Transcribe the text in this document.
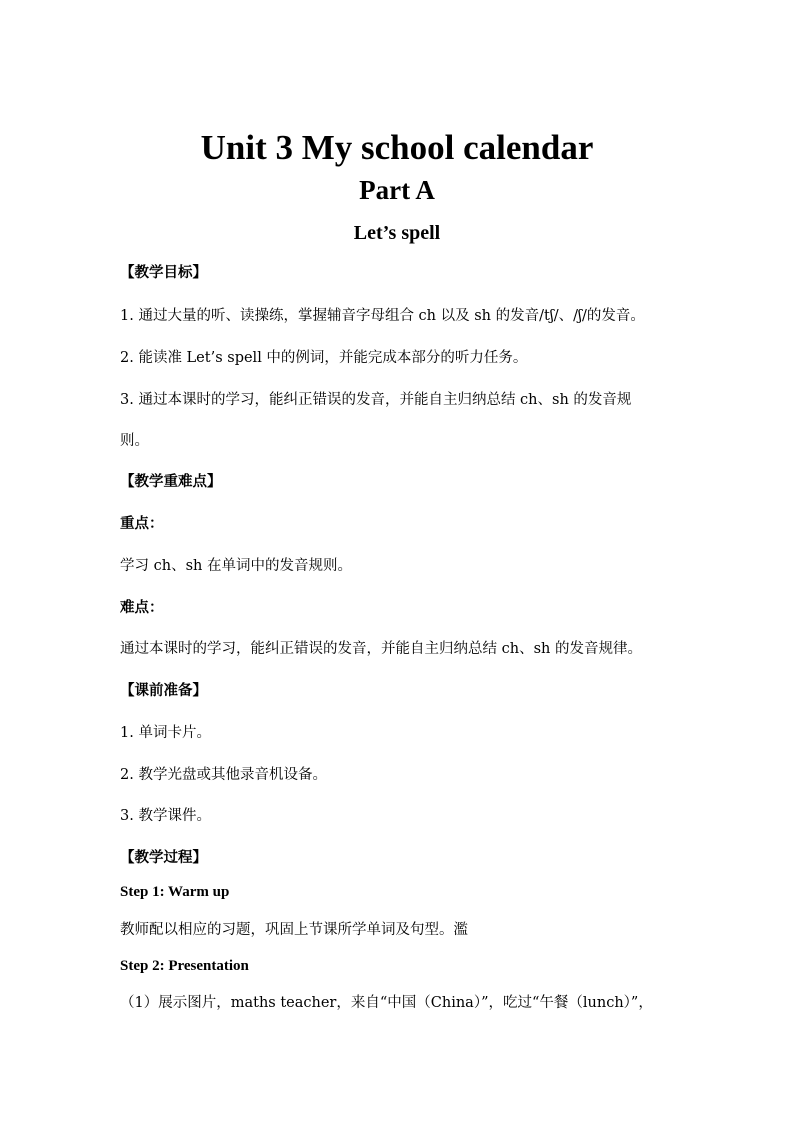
Unit 3 My school calendar
Part A
Let’s spell
【教学目标】
1. 通过大量的听、读操练，掌握辅音字母组合 ch 以及 sh 的发音/tʃ/、/ʃ/的发音。
2. 能读准 Let’s spell 中的例词，并能完成本部分的听力任务。
3. 通过本课时的学习，能纠正错误的发音，并能自主归纳总结 ch、sh 的发音规
则。
【教学重难点】
重点：
学习 ch、sh 在单词中的发音规则。
难点：
通过本课时的学习，能纠正错误的发音，并能自主归纳总结 ch、sh 的发音规律。
【课前准备】
1. 单词卡片。
2. 教学光盘或其他录音机设备。
3. 教学课件。
【教学过程】
Step 1: Warm up
教师配以相应的习题，巩固上节课所学单词及句型。濫
Step 2: Presentation
（1）展示图片，maths teacher，来自“中国（China）”，吃过“午餐（lunch）”，
